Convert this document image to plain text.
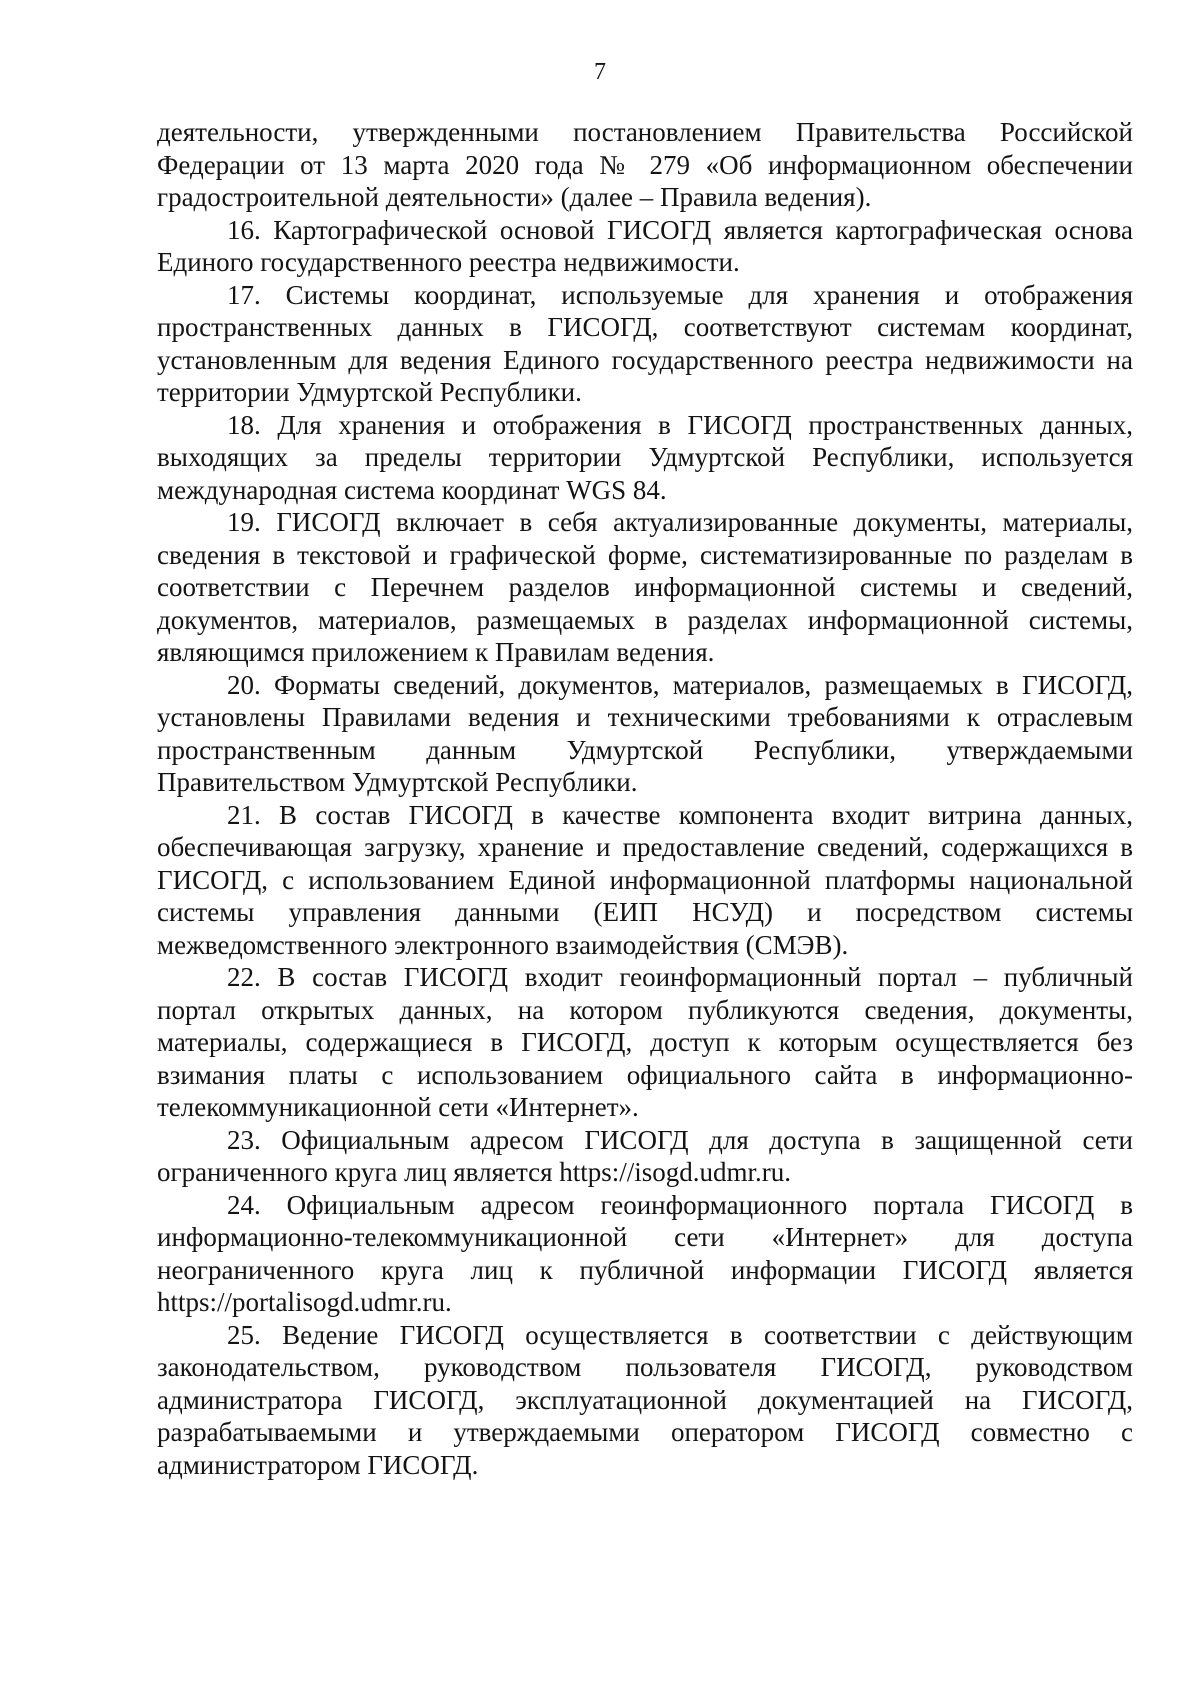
7

деятельности, утвержденными постановлением Правительства Российской Федерации от 13 марта 2020 года № 279 «Об информационном обеспечении градостроительной деятельности» (далее – Правила ведения).

16. Картографической основой ГИСОГД является картографическая основа Единого государственного реестра недвижимости.

17. Системы координат, используемые для хранения и отображения пространственных данных в ГИСОГД, соответствуют системам координат, установленным для ведения Единого государственного реестра недвижимости на территории Удмуртской Республики.

18. Для хранения и отображения в ГИСОГД пространственных данных, выходящих за пределы территории Удмуртской Республики, используется международная система координат WGS 84.

19. ГИСОГД включает в себя актуализированные документы, материалы, сведения в текстовой и графической форме, систематизированные по разделам в соответствии с Перечнем разделов информационной системы и сведений, документов, материалов, размещаемых в разделах информационной системы, являющимся приложением к Правилам ведения.

20. Форматы сведений, документов, материалов, размещаемых в ГИСОГД, установлены Правилами ведения и техническими требованиями к отраслевым пространственным данным Удмуртской Республики, утверждаемыми Правительством Удмуртской Республики.

21. В состав ГИСОГД в качестве компонента входит витрина данных, обеспечивающая загрузку, хранение и предоставление сведений, содержащихся в ГИСОГД, с использованием Единой информационной платформы национальной системы управления данными (ЕИП НСУД) и посредством системы межведомственного электронного взаимодействия (СМЭВ).

22. В состав ГИСОГД входит геоинформационный портал – публичный портал открытых данных, на котором публикуются сведения, документы, материалы, содержащиеся в ГИСОГД, доступ к которым осуществляется без взимания платы с использованием официального сайта в информационно-телекоммуникационной сети «Интернет».

23. Официальным адресом ГИСОГД для доступа в защищенной сети ограниченного круга лиц является https://isogd.udmr.ru.

24. Официальным адресом геоинформационного портала ГИСОГД в информационно-телекоммуникационной сети «Интернет» для доступа неограниченного круга лиц к публичной информации ГИСОГД является https://portalisogd.udmr.ru.

25. Ведение ГИСОГД осуществляется в соответствии с действующим законодательством, руководством пользователя ГИСОГД, руководством администратора ГИСОГД, эксплуатационной документацией на ГИСОГД, разрабатываемыми и утверждаемыми оператором ГИСОГД совместно с администратором ГИСОГД.
